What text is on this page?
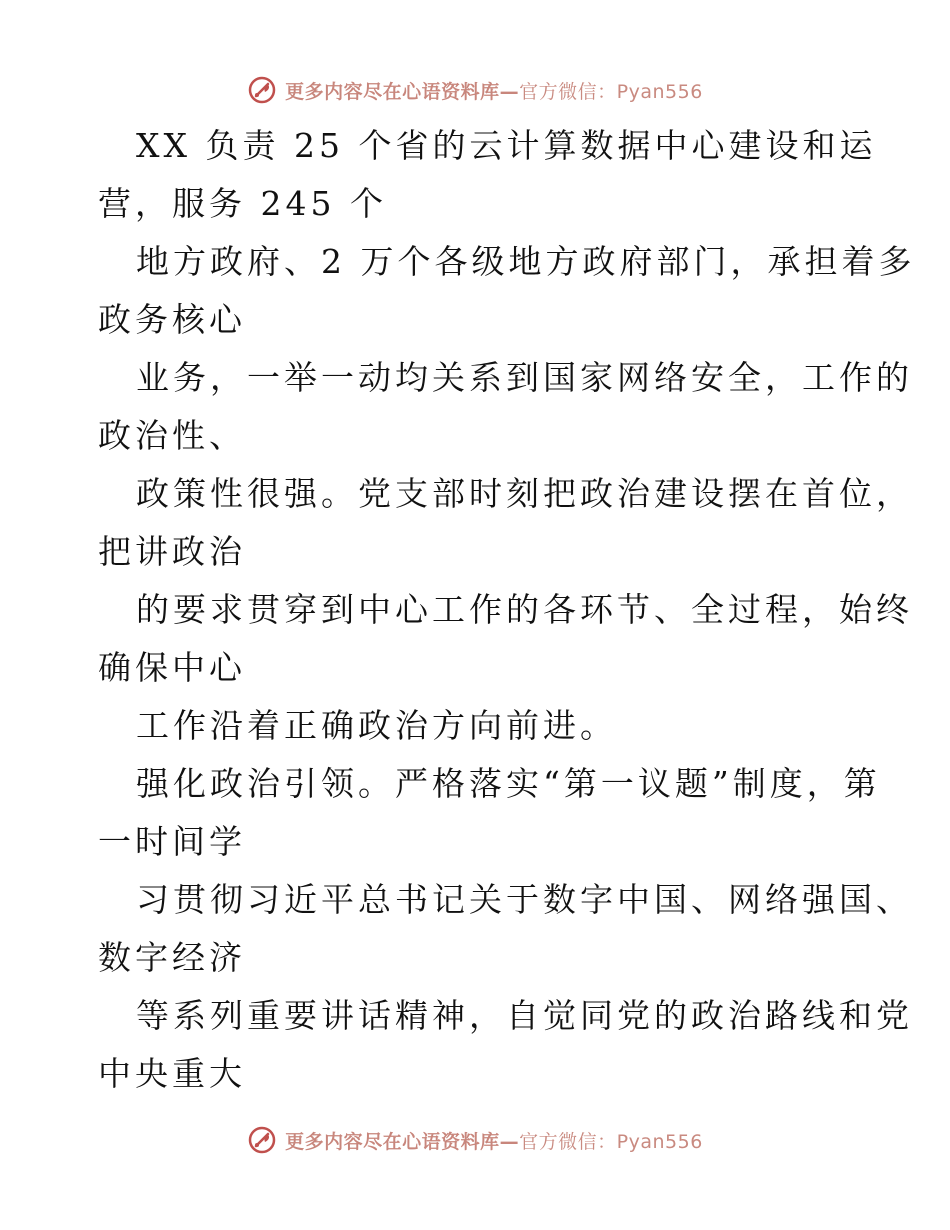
更多内容尽在心语资料库—官方微信：Pyan556
XX 负责 25 个省的云计算数据中心建设和运
营，服务 245 个
地方政府、2 万个各级地方政府部门，承担着多
政务核心
业务，一举一动均关系到国家网络安全，工作的
政治性、
政策性很强。党支部时刻把政治建设摆在首位，
把讲政治
的要求贯穿到中心工作的各环节、全过程，始终
确保中心
工作沿着正确政治方向前进。
强化政治引领。严格落实“第一议题”制度，第
一时间学
习贯彻习近平总书记关于数字中国、网络强国、
数字经济
等系列重要讲话精神，自觉同党的政治路线和党
中央重大
更多内容尽在心语资料库—官方微信：Pyan556
